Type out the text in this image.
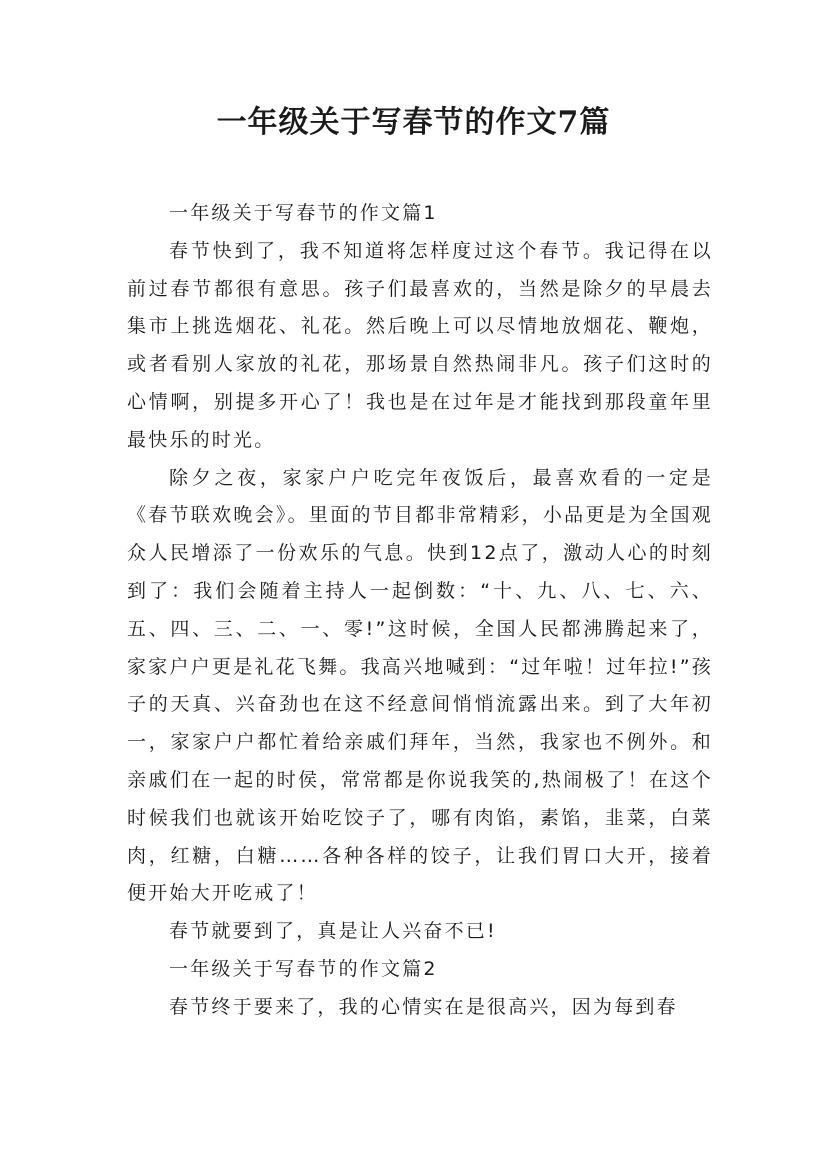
一年级关于写春节的作文7篇

一年级关于写春节的作文篇1

春节快到了，我不知道将怎样度过这个春节。我记得在以前过春节都很有意思。孩子们最喜欢的，当然是除夕的早晨去集市上挑选烟花、礼花。然后晚上可以尽情地放烟花、鞭炮，或者看别人家放的礼花，那场景自然热闹非凡。孩子们这时的心情啊，别提多开心了！我也是在过年是才能找到那段童年里最快乐的时光。

除夕之夜，家家户户吃完年夜饭后，最喜欢看的一定是《春节联欢晚会》。里面的节目都非常精彩，小品更是为全国观众人民增添了一份欢乐的气息。快到12点了，激动人心的时刻到了：我们会随着主持人一起倒数：“十、九、八、七、六、五、四、三、二、一、零!”这时候，全国人民都沸腾起来了，家家户户更是礼花飞舞。我高兴地喊到：“过年啦！过年拉!”孩子的天真、兴奋劲也在这不经意间悄悄流露出来。到了大年初一，家家户户都忙着给亲戚们拜年，当然，我家也不例外。和亲戚们在一起的时侯，常常都是你说我笑的,热闹极了！在这个时候我们也就该开始吃饺子了，哪有肉馅，素馅，韭菜，白菜肉，红糖，白糖……各种各样的饺子，让我们胃口大开，接着便开始大开吃戒了！

春节就要到了，真是让人兴奋不已!

一年级关于写春节的作文篇2

春节终于要来了，我的心情实在是很高兴，因为每到春
